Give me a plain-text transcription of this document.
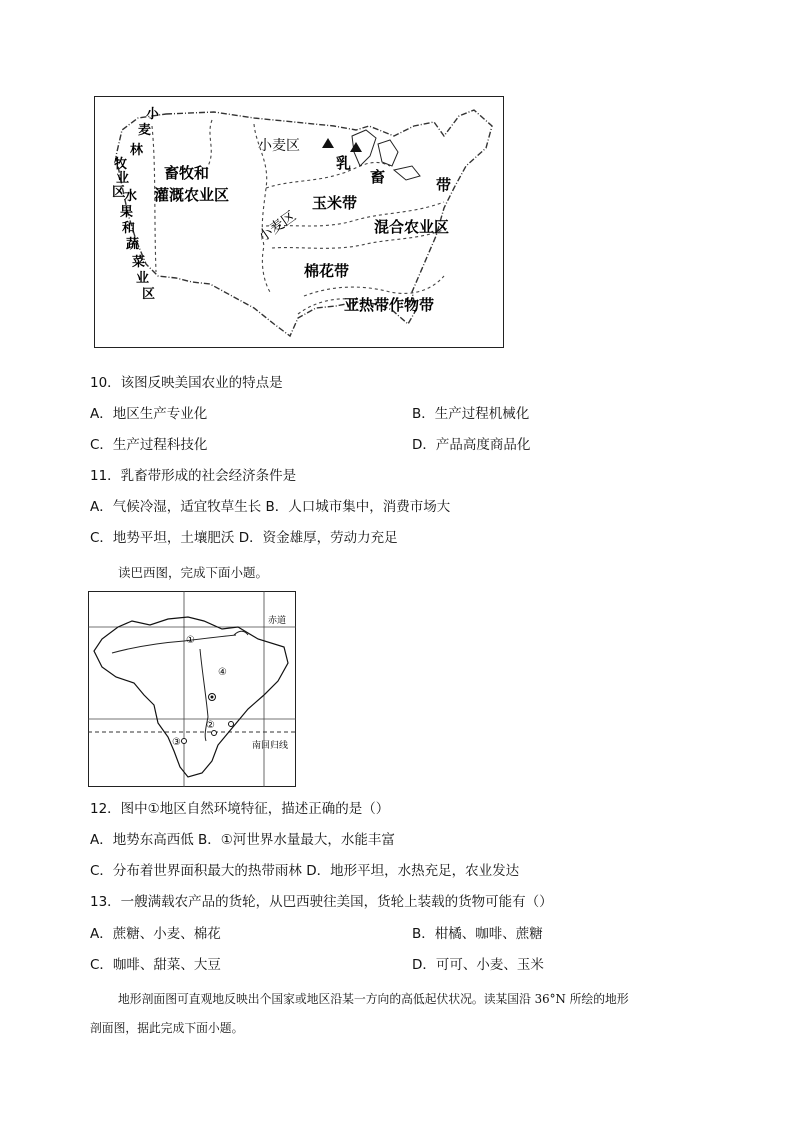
小麦区
畜牧和
灌溉农业区
乳
畜	带
玉米带
混合农业区
小麦区
棉花带
亚热带作物带
小
麦
林
牧
业
区
水
果
和
蔬
菜
业
区
10．该图反映美国农业的特点是
A．地区生产专业化	B．生产过程机械化
C．生产过程科技化	D．产品高度商品化
11．乳畜带形成的社会经济条件是
A．气候冷湿，适宜牧草生长 B．人口城市集中，消费市场大
C．地势平坦，土壤肥沃 D．资金雄厚，劳动力充足
读巴西图，完成下面小题。
赤道
南回归线
①
④
②
③
12．图中①地区自然环境特征，描述正确的是（）
A．地势东高西低 B．①河世界水量最大，水能丰富
C．分布着世界面积最大的热带雨林 D．地形平坦，水热充足，农业发达
13．一艘满载农产品的货轮，从巴西驶往美国，货轮上装载的货物可能有（）
A．蔗糖、小麦、棉花	B．柑橘、咖啡、蔗糖
C．咖啡、甜菜、大豆	D．可可、小麦、玉米
地形剖面图可直观地反映出个国家或地区沿某一方向的高低起伏状况。读某国沿 36°N 所绘的地形
剖面图，据此完成下面小题。
